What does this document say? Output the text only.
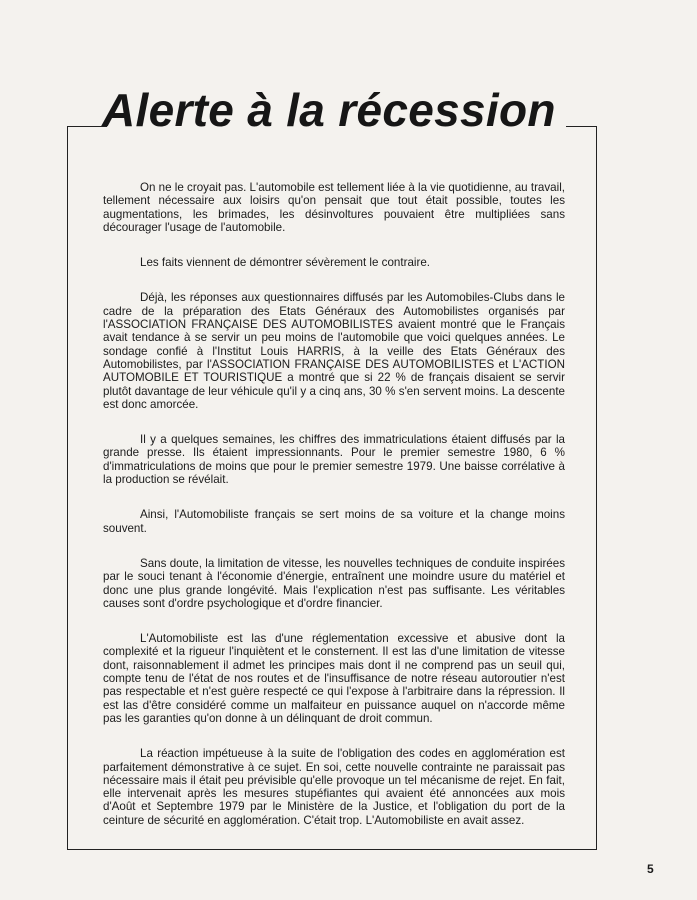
Alerte à la récession

On ne le croyait pas. L'automobile est tellement liée à la vie quotidienne, au travail, tellement nécessaire aux loisirs qu'on pensait que tout était possible, toutes les augmentations, les brimades, les désinvoltures pouvaient être multipliées sans décourager l'usage de l'automobile.

Les faits viennent de démontrer sévèrement le contraire.

Déjà, les réponses aux questionnaires diffusés par les Automobiles-Clubs dans le cadre de la préparation des Etats Généraux des Automobilistes organisés par l'ASSOCIATION FRANÇAISE DES AUTOMOBILISTES avaient montré que le Français avait tendance à se servir un peu moins de l'automobile que voici quelques années. Le sondage confié à l'Institut Louis HARRIS, à la veille des Etats Généraux des Automobilistes, par l'ASSOCIATION FRANÇAISE DES AUTOMOBILISTES et L'ACTION AUTOMOBILE ET TOURISTIQUE a montré que si 22 % de français disaient se servir plutôt davantage de leur véhicule qu'il y a cinq ans, 30 % s'en servent moins. La descente est donc amorcée.

Il y a quelques semaines, les chiffres des immatriculations étaient diffusés par la grande presse. Ils étaient impressionnants. Pour le premier semestre 1980, 6 % d'immatriculations de moins que pour le premier semestre 1979. Une baisse corrélative à la production se révélait.

Ainsi, l'Automobiliste français se sert moins de sa voiture et la change moins souvent.

Sans doute, la limitation de vitesse, les nouvelles techniques de conduite inspirées par le souci tenant à l'économie d'énergie, entraînent une moindre usure du matériel et donc une plus grande longévité. Mais l'explication n'est pas suffisante. Les véritables causes sont d'ordre psychologique et d'ordre financier.

L'Automobiliste est las d'une réglementation excessive et abusive dont la complexité et la rigueur l'inquiètent et le consternent. Il est las d'une limitation de vitesse dont, raisonnablement il admet les principes mais dont il ne comprend pas un seuil qui, compte tenu de l'état de nos routes et de l'insuffisance de notre réseau autoroutier n'est pas respectable et n'est guère respecté ce qui l'expose à l'arbitraire dans la répression. Il est las d'être considéré comme un malfaiteur en puissance auquel on n'accorde même pas les garanties qu'on donne à un délinquant de droit commun.

La réaction impétueuse à la suite de l'obligation des codes en agglomération est parfaitement démonstrative à ce sujet. En soi, cette nouvelle contrainte ne paraissait pas nécessaire mais il était peu prévisible qu'elle provoque un tel mécanisme de rejet. En fait, elle intervenait après les mesures stupéfiantes qui avaient été annoncées aux mois d'Août et Septembre 1979 par le Ministère de la Justice, et l'obligation du port de la ceinture de sécurité en agglomération. C'était trop. L'Automobiliste en avait assez.

5
